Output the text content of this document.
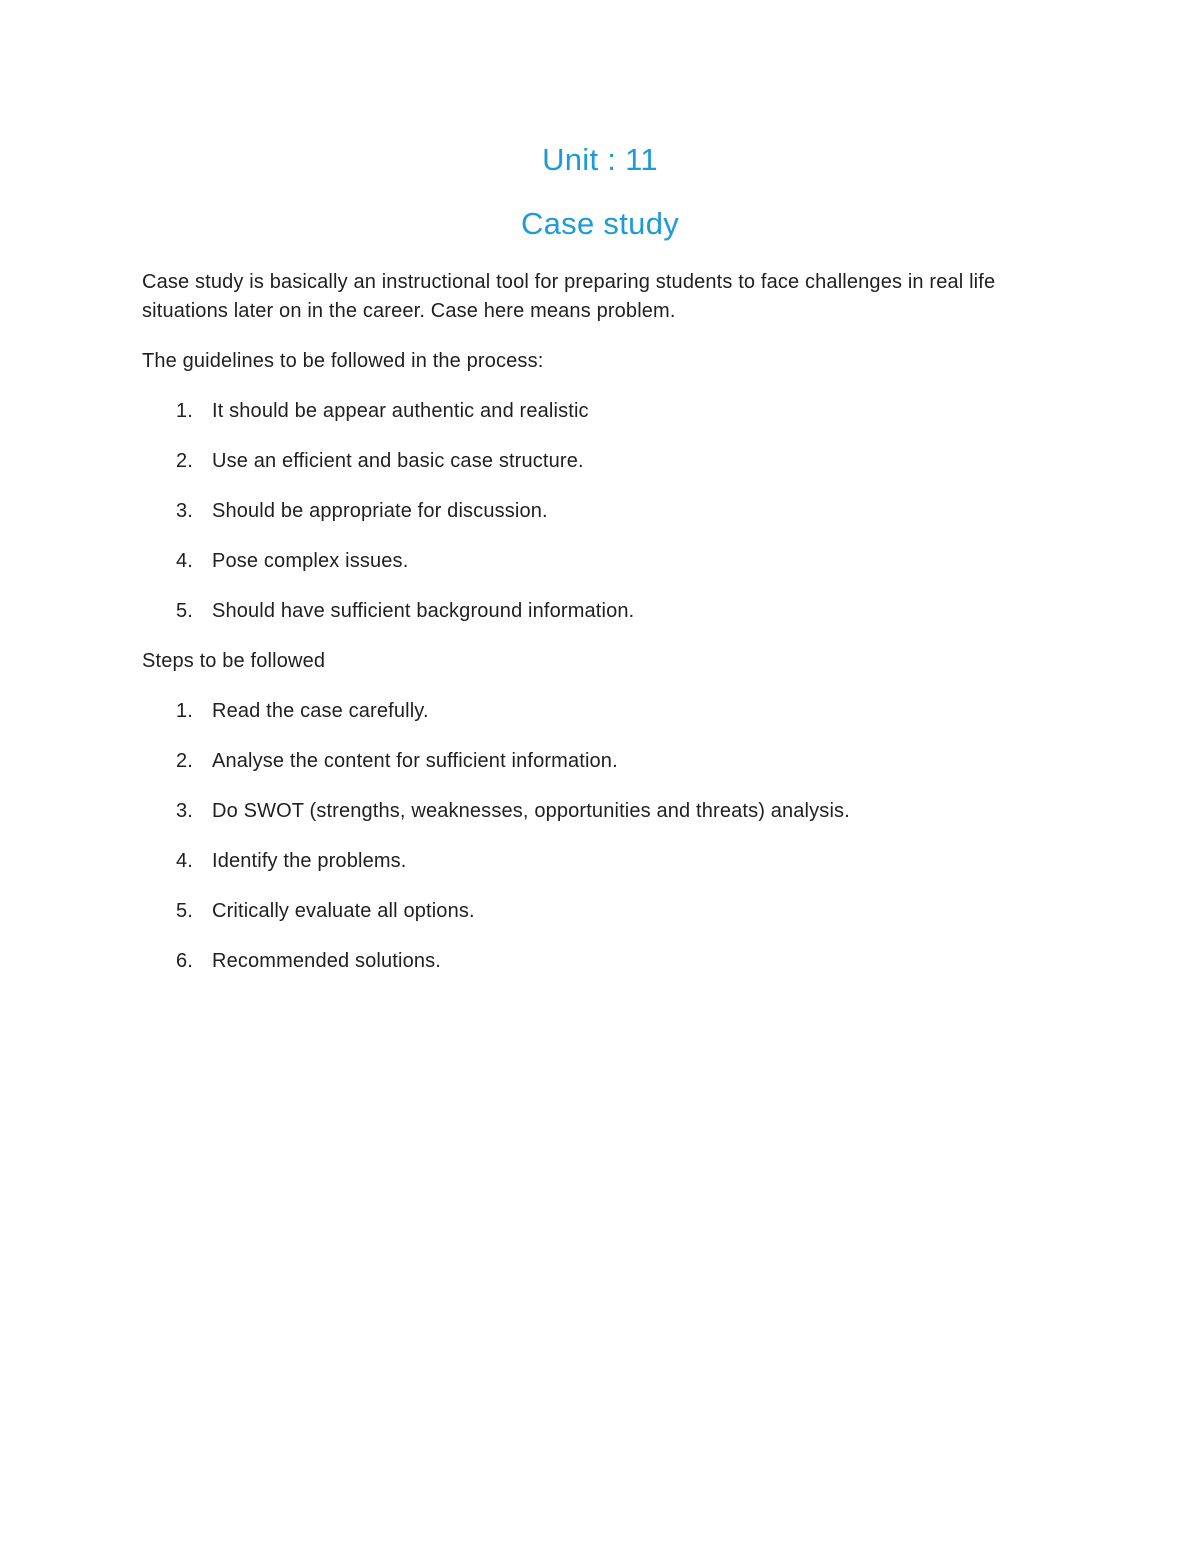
Unit : 11
Case study

Case study is basically an instructional tool for preparing students to face challenges in real life situations later on in the career. Case here means problem.

The guidelines to be followed in the process:

1. It should be appear authentic and realistic
2. Use an efficient and basic case structure.
3. Should be appropriate for discussion.
4. Pose complex issues.
5. Should have sufficient background information.

Steps to be followed

1. Read the case carefully.
2. Analyse the content for sufficient information.
3. Do SWOT (strengths, weaknesses, opportunities and threats) analysis.
4. Identify the problems.
5. Critically evaluate all options.
6. Recommended solutions.
